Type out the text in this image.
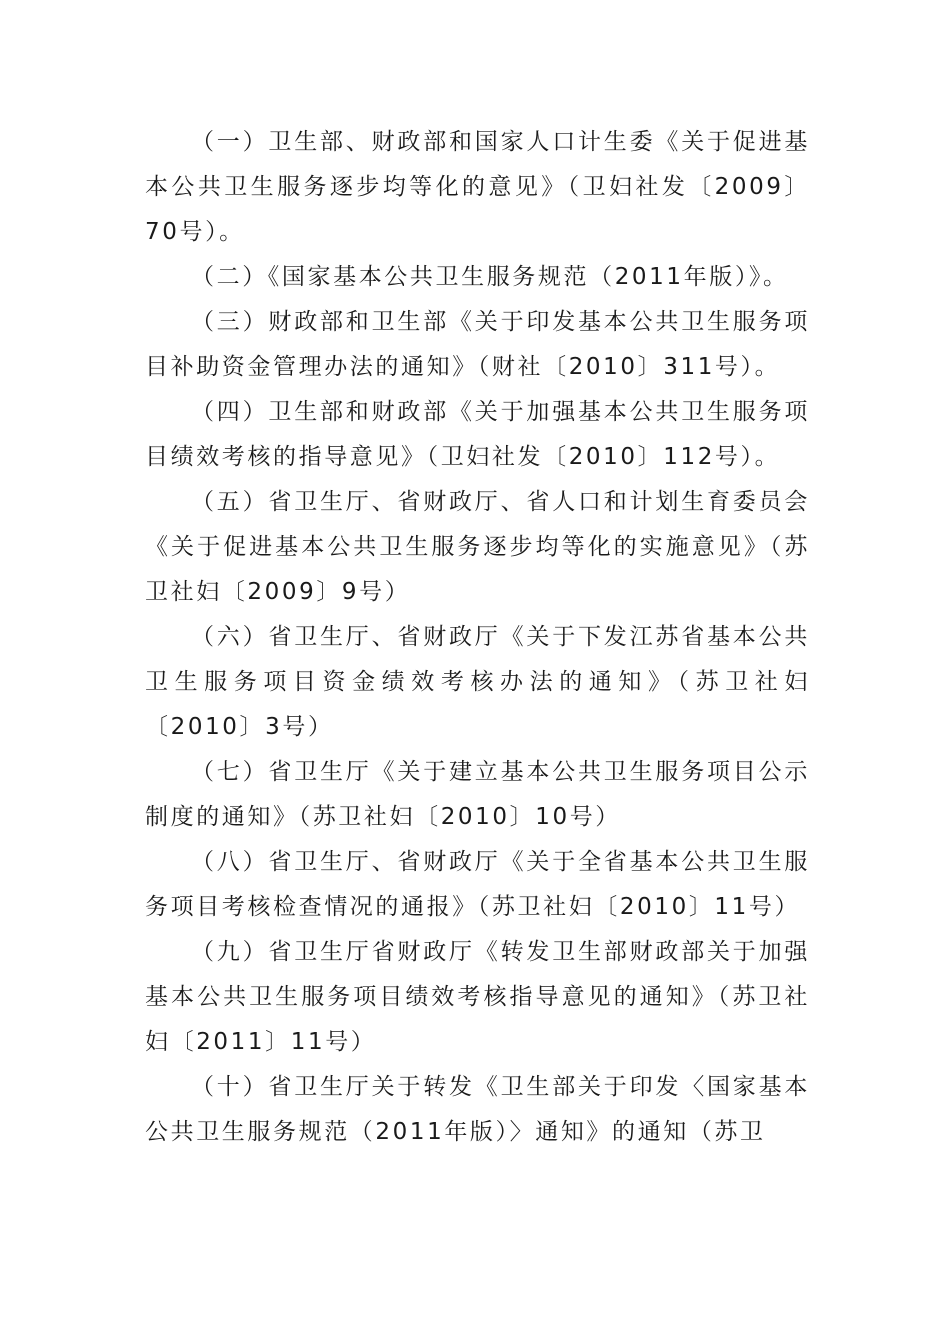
（一）卫生部、财政部和国家人口计生委《关于促进基本公共卫生服务逐步均等化的意见》（卫妇社发〔2009〕70号）。

（二）《国家基本公共卫生服务规范（2011年版）》。

（三）财政部和卫生部《关于印发基本公共卫生服务项目补助资金管理办法的通知》（财社〔2010〕311号）。

（四）卫生部和财政部《关于加强基本公共卫生服务项目绩效考核的指导意见》（卫妇社发〔2010〕112号）。

（五）省卫生厅、省财政厅、省人口和计划生育委员会《关于促进基本公共卫生服务逐步均等化的实施意见》（苏卫社妇〔2009〕9号）

（六）省卫生厅、省财政厅《关于下发江苏省基本公共卫生服务项目资金绩效考核办法的通知》（苏卫社妇〔2010〕3号）

（七）省卫生厅《关于建立基本公共卫生服务项目公示制度的通知》（苏卫社妇〔2010〕10号）

（八）省卫生厅、省财政厅《关于全省基本公共卫生服务项目考核检查情况的通报》（苏卫社妇〔2010〕11号）

（九）省卫生厅省财政厅《转发卫生部财政部关于加强基本公共卫生服务项目绩效考核指导意见的通知》（苏卫社妇〔2011〕11号）

（十）省卫生厅关于转发《卫生部关于印发〈国家基本公共卫生服务规范（2011年版）〉通知》的通知（苏卫
